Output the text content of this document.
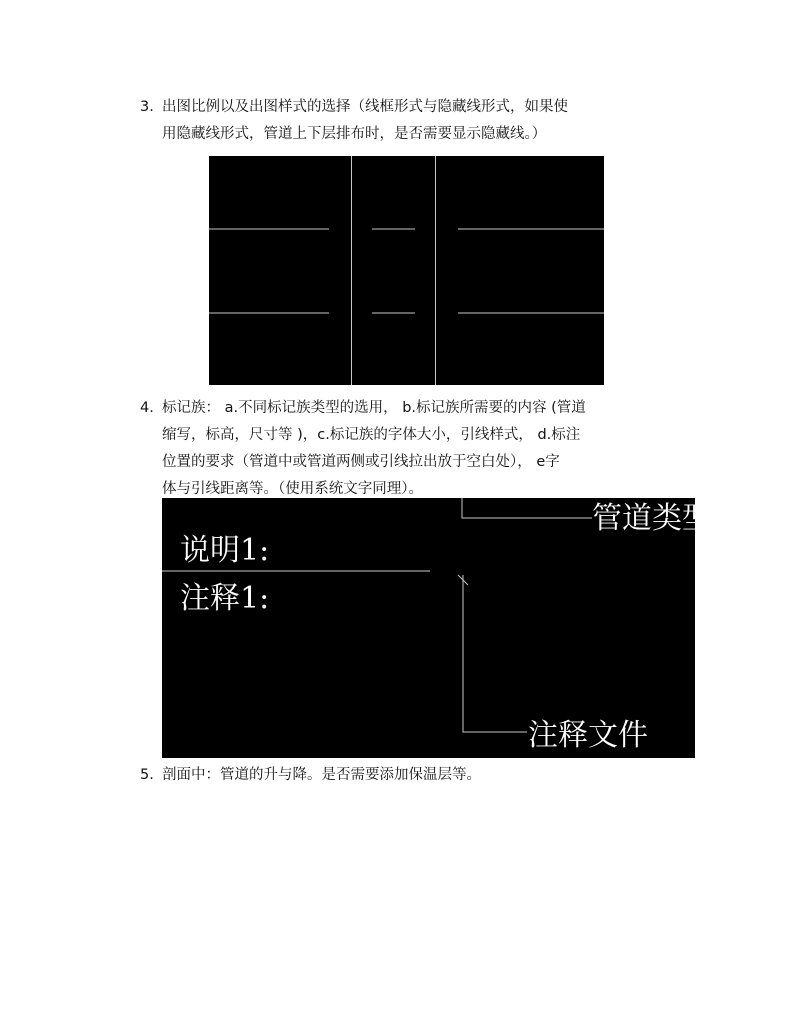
3. 出图比例以及出图样式的选择（线框形式与隐藏线形式，如果使
用隐藏线形式，管道上下层排布时，是否需要显示隐藏线。）
4. 标记族： a.不同标记族类型的选用， b.标记族所需要的内容 (管道
缩写，标高，尺寸等 )，c.标记族的字体大小，引线样式， d.标注
位置的要求（管道中或管道两侧或引线拉出放于空白处）， e字
体与引线距离等。（使用系统文字同理）。
管道类型
说明1:
注释1:
注释文件
5. 剖面中：管道的升与降。是否需要添加保温层等。
